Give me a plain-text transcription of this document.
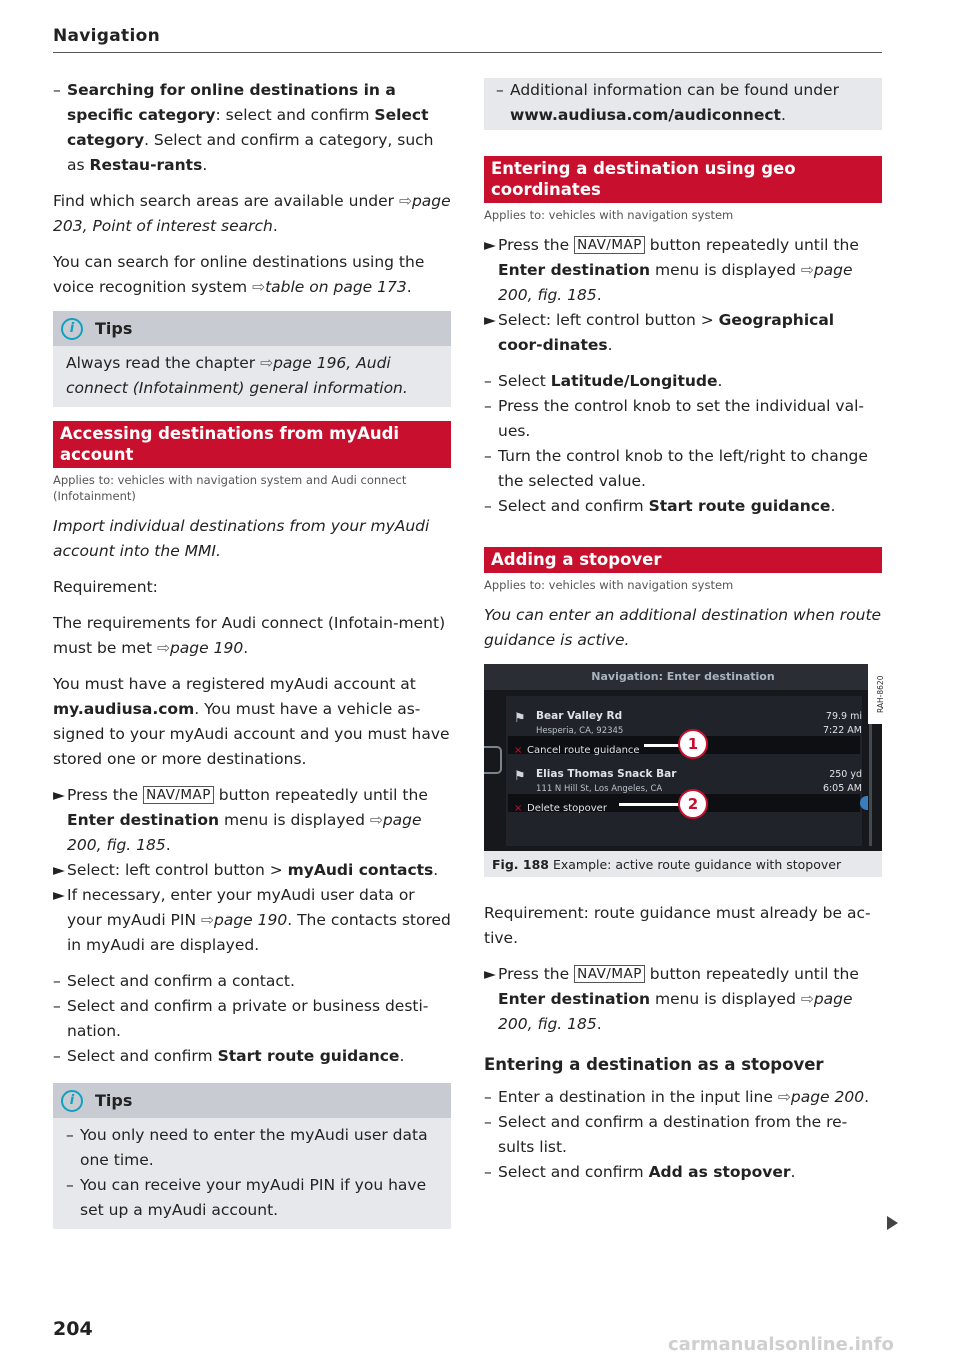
Navigation
– Searching for online destinations in a specific category: select and confirm Select category. Select and confirm a category, such as Restau-rants.

Find which search areas are available under ⇨page 203, Point of interest search.

You can search for online destinations using the voice recognition system ⇨table on page 173.

i	Tips
Always read the chapter ⇨page 196, Audi connect (Infotainment) general information.
Accessing destinations from myAudi account
Applies to: vehicles with navigation system and Audi connect (Infotainment)

Import individual destinations from your myAudi account into the MMI.

Requirement:

The requirements for Audi connect (Infotain-ment) must be met ⇨page 190.

You must have a registered myAudi account at my.audiusa.com. You must have a vehicle as-signed to your myAudi account and you must have stored one or more destinations.

► Press the NAV/MAP button repeatedly until the Enter destination menu is displayed ⇨page 200, fig. 185.
► Select: left control button > myAudi contacts.
► If necessary, enter your myAudi user data or your myAudi PIN ⇨page 190. The contacts stored in myAudi are displayed.
– Select and confirm a contact.
– Select and confirm a private or business desti-nation.
– Select and confirm Start route guidance.
i	Tips
– You only need to enter the myAudi user data one time.
– You can receive your myAudi PIN if you have set up a myAudi account.
– Additional information can be found under www.audiusa.com/audiconnect.
Entering a destination using geo coordinates
Applies to: vehicles with navigation system
► Press the NAV/MAP button repeatedly until the Enter destination menu is displayed ⇨page 200, fig. 185.
► Select: left control button > Geographical coor-dinates.
– Select Latitude/Longitude.
– Press the control knob to set the individual val-ues.
– Turn the control knob to the left/right to change the selected value.
– Select and confirm Start route guidance.
Adding a stopover
Applies to: vehicles with navigation system

You can enter an additional destination when route guidance is active.

Navigation: Enter destination
⚑ Bear Valley Rd
Hesperia, CA, 92345
79.9 mi
7:22 AM
× Cancel route guidance
⚑ Elias Thomas Snack Bar
111 N Hill St, Los Angeles, CA
250 yd
6:05 AM
× Delete stopover
1
2
RAH-8620
Fig. 188 Example: active route guidance with stopover

Requirement: route guidance must already be ac-tive.

► Press the NAV/MAP button repeatedly until the Enter destination menu is displayed ⇨page 200, fig. 185.
Entering a destination as a stopover
– Enter a destination in the input line ⇨page 200.
– Select and confirm a destination from the re-sults list.
– Select and confirm Add as stopover.
204
carmanualsonline.info
